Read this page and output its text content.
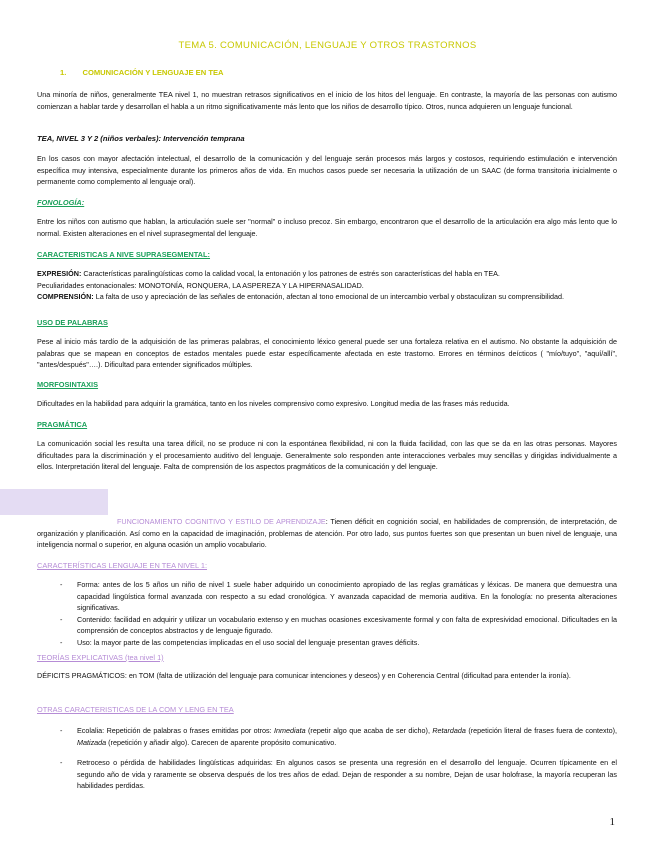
TEMA 5. COMUNICACIÓN, LENGUAJE Y OTROS TRASTORNOS
1. COMUNICACIÓN Y LENGUAJE EN TEA

Una minoría de niños, generalmente TEA nivel 1, no muestran retrasos significativos en el inicio de los hitos del lenguaje. En contraste, la mayoría de las personas con autismo comienzan a hablar tarde y desarrollan el habla a un ritmo significativamente más lento que los niños de desarrollo típico. Otros, nunca adquieren un lenguaje funcional.

TEA, NIVEL 3 Y 2 (niños verbales): Intervención temprana

En los casos con mayor afectación intelectual, el desarrollo de la comunicación y del lenguaje serán procesos más largos y costosos, requiriendo estimulación e intervención específica muy intensiva, especialmente durante los primeros años de vida. En muchos casos puede ser necesaria la utilización de un SAAC (de forma transitoria inicialmente o permanente como complemento al lenguaje oral).

FONOLOGÍA:

Entre los niños con autismo que hablan, la articulación suele ser "normal" o incluso precoz. Sin embargo, encontraron que el desarrollo de la articulación era algo más lento que lo normal. Existen alteraciones en el nivel suprasegmental del lenguaje.

CARACTERISTICAS A NIVE SUPRASEGMENTAL:
EXPRESIÓN: Características paralingüísticas como la calidad vocal, la entonación y los patrones de estrés son características del habla en TEA.
Peculiaridades entonacionales: MONOTONÍA, RONQUERA, LA ASPEREZA Y LA HIPERNASALIDAD.
COMPRENSIÓN: La falta de uso y apreciación de las señales de entonación, afectan al tono emocional de un intercambio verbal y obstaculizan su comprensibilidad.
USO DE PALABRAS

Pese al inicio más tardío de la adquisición de las primeras palabras, el conocimiento léxico general puede ser una fortaleza relativa en el autismo. No obstante la adquisición de palabras que se mapean en conceptos de estados mentales puede estar específicamente afectada en este trastorno. Errores en términos deícticos ( "mío/tuyo", "aquí/allí", "antes/después"….). Dificultad para entender significados múltiples.

MORFOSINTAXIS

Dificultades en la habilidad para adquirir la gramática, tanto en los niveles comprensivo como expresivo. Longitud media de las frases más reducida.

PRAGMÁTICA

La comunicación social les resulta una tarea difícil, no se produce ni con la espontánea flexibilidad, ni con la fluida facilidad, con las que se da en las otras personas. Mayores dificultades para la discriminación y el procesamiento auditivo del lenguaje. Generalmente solo responden ante interacciones verbales muy sencillas y dirigidas individualmente a ellos. Interpretación literal del lenguaje. Falta de comprensión de los aspectos pragmáticos de la comunicación y del lenguaje.

FUNCIONAMIENTO COGNITIVO Y ESTILO DE APRENDIZAJE: Tienen déficit en cognición social, en habilidades de comprensión, de interpretación, de organización y planificación. Así como en la capacidad de imaginación, problemas de atención. Por otro lado, sus puntos fuertes son que presentan un buen nivel de lenguaje, una inteligencia normal o superior, en alguna ocasión un amplio vocabulario.

CARACTERÍSTICAS LENGUAJE EN TEA NIVEL 1:
- Forma: antes de los 5 años un niño de nivel 1 suele haber adquirido un conocimiento apropiado de las reglas gramáticas y léxicas. De manera que demuestra una capacidad lingüística formal avanzada con respecto a su edad cronológica. Y avanzada capacidad de memoria auditiva. En la fonología: no presenta alteraciones significativas.
- Contenido: facilidad en adquirir y utilizar un vocabulario extenso y en muchas ocasiones excesivamente formal y con falta de expresividad emocional. Dificultades en la comprensión de conceptos abstractos y de lenguaje figurado.
- Uso: la mayor parte de las competencias implicadas en el uso social del lenguaje presentan graves déficits.
TEORÍAS EXPLICATIVAS (tea nivel 1)

DÉFICITS PRAGMÁTICOS: en TOM (falta de utilización del lenguaje para comunicar intenciones y deseos) y en Coherencia Central (dificultad para entender la ironía).

OTRAS CARACTERISTICAS DE LA COM Y LENG EN TEA
- Ecolalia: Repetición de palabras o frases emitidas por otros: Inmediata (repetir algo que acaba de ser dicho), Retardada (repetición literal de frases fuera de contexto), Matizada (repetición y añadir algo). Carecen de aparente propósito comunicativo.
- Retroceso o pérdida de habilidades lingüísticas adquiridas: En algunos casos se presenta una regresión en el desarrollo del lenguaje. Ocurren típicamente en el segundo año de vida y raramente se observa después de los tres años de edad. Dejan de responder a su nombre, Dejan de usar holofrase, la mayoría recuperan las habilidades perdidas.
1
